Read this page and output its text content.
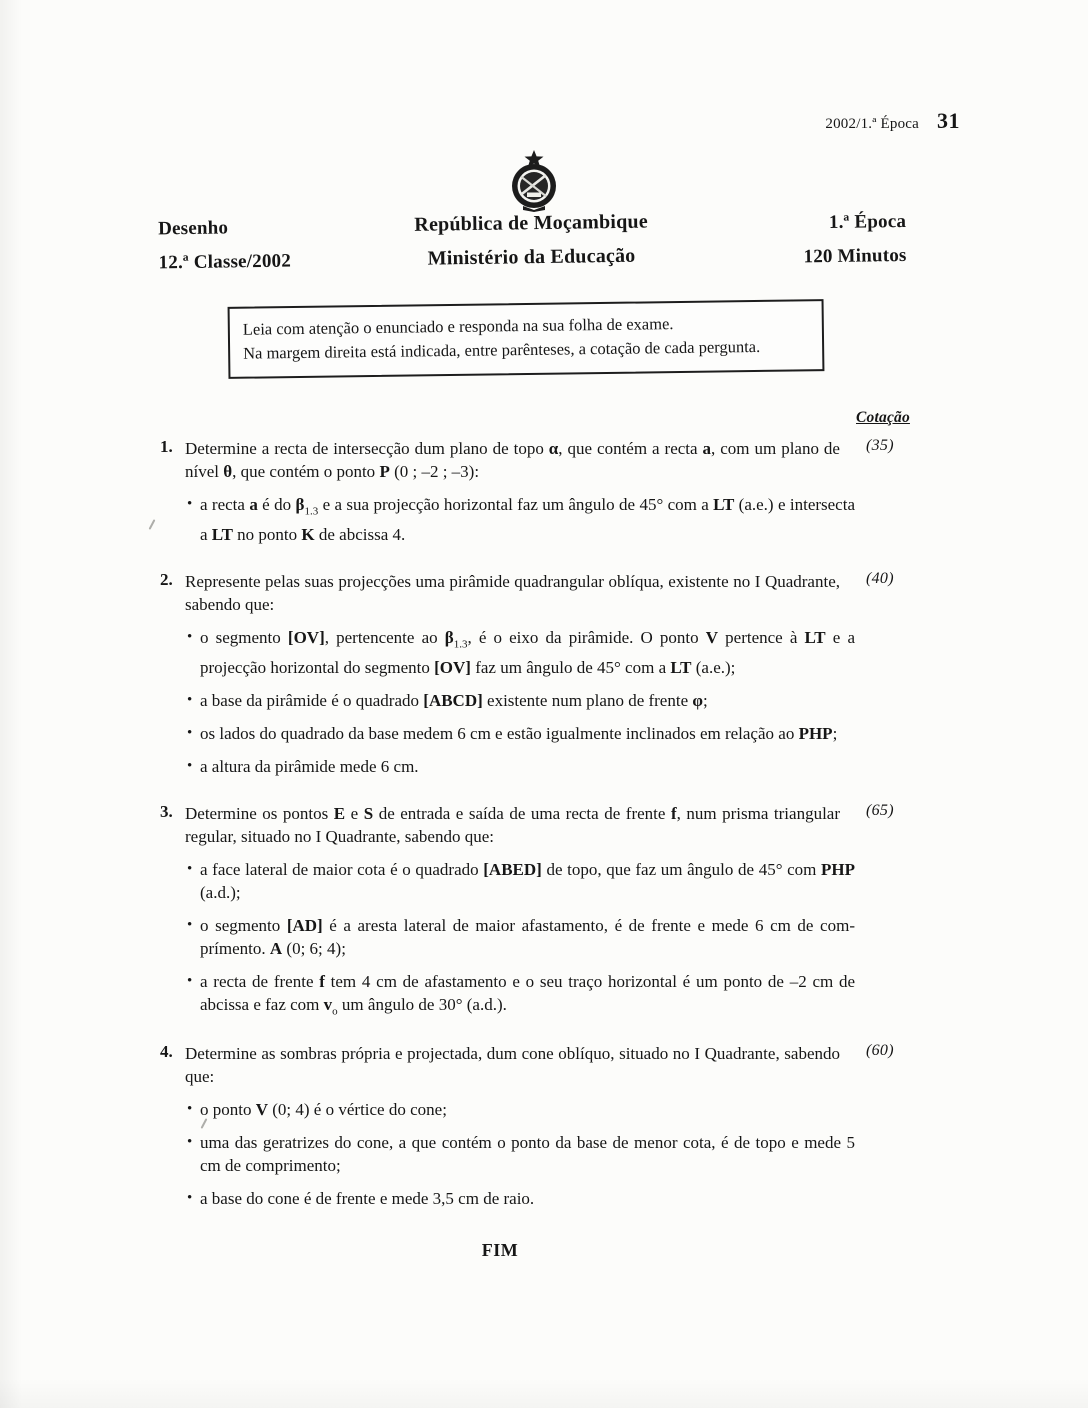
2002/1.ª Época 31
Desenho
12.ª Classe/2002
República de Moçambique
Ministério da Educação
1.ª Época
120 Minutos

Leia com atenção o enunciado e responda na sua folha de exame.

Na margem direita está indicada, entre parênteses, a cotação de cada pergunta.

Cotação
1. Determine a recta de intersecção dum plano de topo α, que contém a recta a, com um plano de nível θ, que contém o ponto P (0 ; –2 ; –3):
(35)
•
a recta a é do $\beta_{1.3}$ e a sua projecção horizontal faz um ângulo de 45° com a LT (a.e.) e intersecta a LT no ponto K de abcissa 4.
2. Represente pelas suas projecções uma pirâmide quadrangular oblíqua, existente no I Quadrante, sabendo que:
(40)
•
o segmento [OV], pertencente ao $\beta_{1.3}$, é o eixo da pirâmide. O ponto V pertence à LT e a projecção horizontal do segmento [OV] faz um ângulo de 45° com a LT (a.e.);
•
a base da pirâmide é o quadrado [ABCD] existente num plano de frente φ;
•
os lados do quadrado da base medem 6 cm e estão igualmente inclinados em relação ao PHP;
•
a altura da pirâmide mede 6 cm.
3. Determine os pontos E e S de entrada e saída de uma recta de frente f, num prisma triangular regular, situado no I Quadrante, sabendo que:
(65)
•
a face lateral de maior cota é o quadrado [ABED] de topo, que faz um ângulo de 45° com PHP (a.d.);
•
o segmento [AD] é a aresta lateral de maior afastamento, é de frente e mede 6 cm de comprímento. A (0; 6; 4);
•
a recta de frente f tem 4 cm de afastamento e o seu traço horizontal é um ponto de –2 cm de abcissa e faz com $v_o$ um ângulo de 30° (a.d.).
4. Determine as sombras própria e projectada, dum cone oblíquo, situado no I Quadrante, sabendo que:
(60)
•
o ponto V (0; 4) é o vértice do cone;
•
uma das geratrizes do cone, a que contém o ponto da base de menor cota, é de topo e mede 5 cm de comprimento;
•
a base do cone é de frente e mede 3,5 cm de raio.
FIM
